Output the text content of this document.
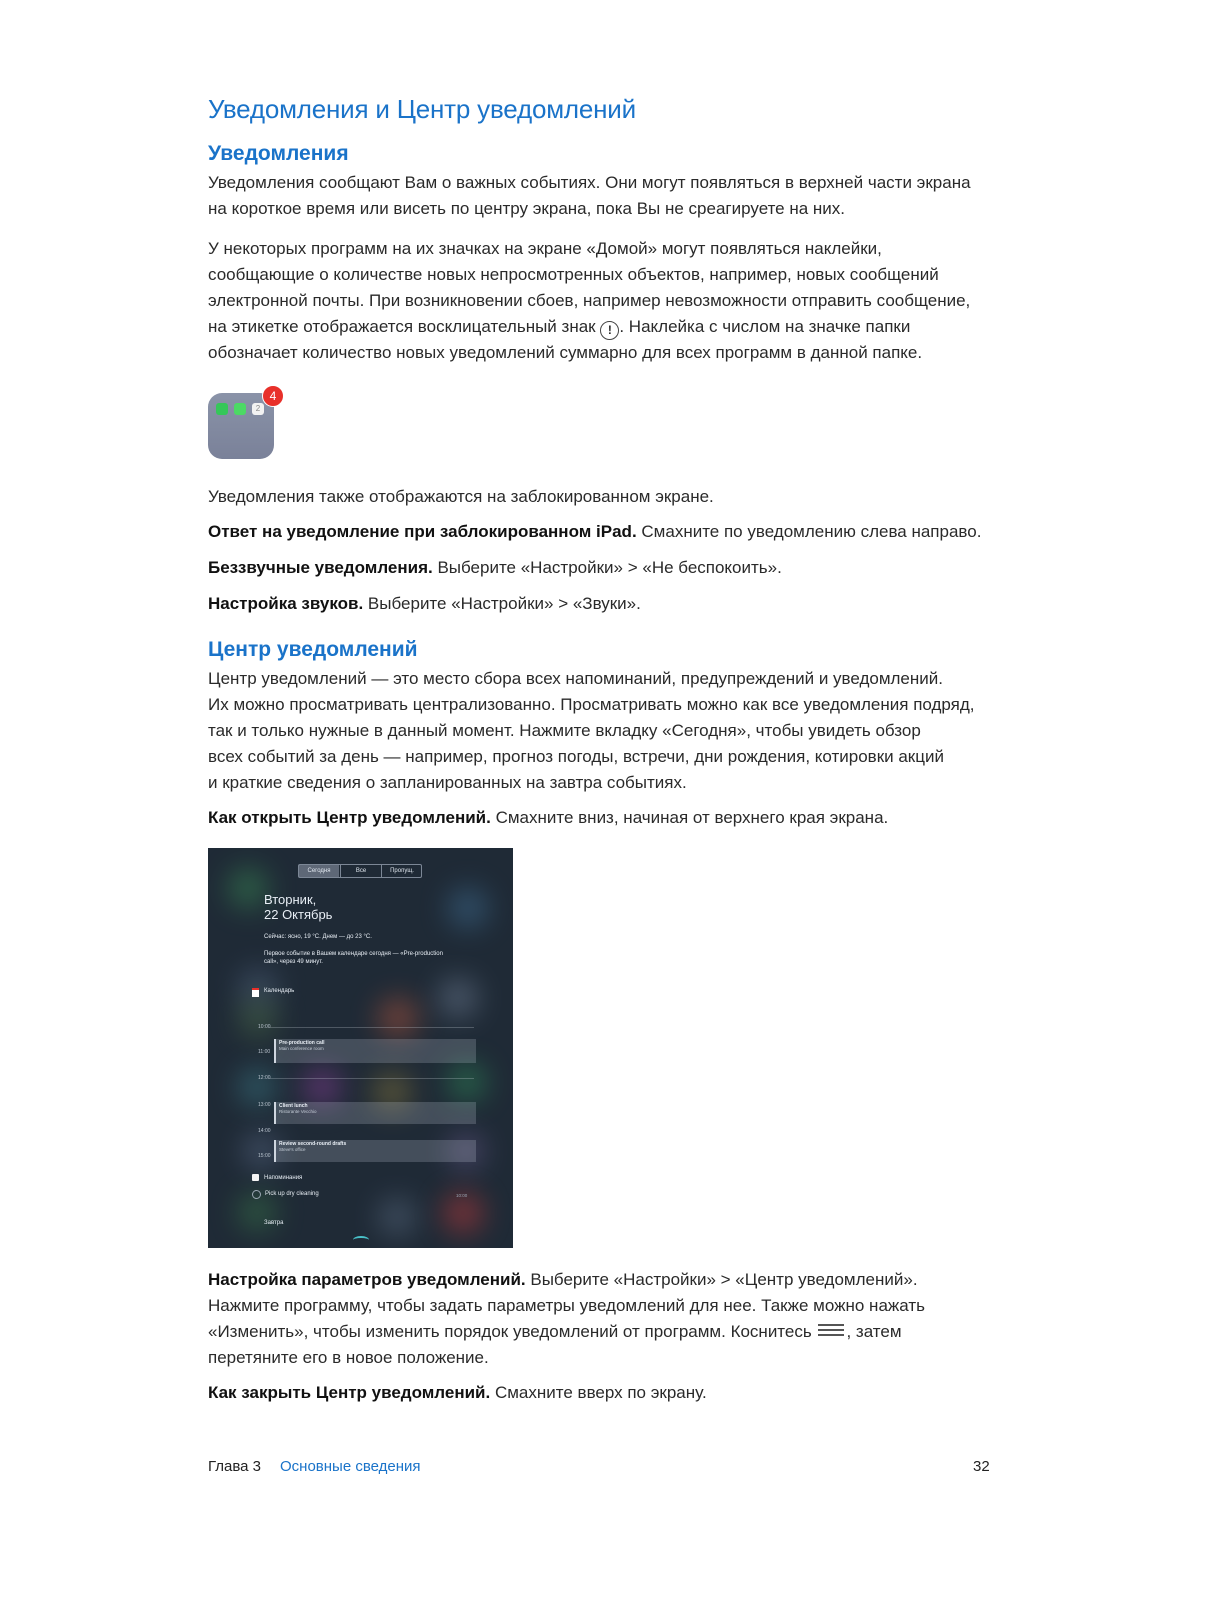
Уведомления и Центр уведомлений
Уведомления
Уведомления сообщают Вам о важных событиях. Они могут появляться в верхней части экрана
на короткое время или висеть по центру экрана, пока Вы не среагируете на них.
У некоторых программ на их значках на экране «Домой» могут появляться наклейки,
сообщающие о количестве новых непросмотренных объектов, например, новых сообщений
электронной почты. При возникновении сбоев, например невозможности отправить сообщение,
на этикетке отображается восклицательный знак ! . Наклейка с числом на значке папки
обозначает количество новых уведомлений суммарно для всех программ в данной папке.
2
4
Уведомления также отображаются на заблокированном экране.
Ответ на уведомление при заблокированном iPad. Смахните по уведомлению слева направо.
Беззвучные уведомления. Выберите «Настройки» > «Не беспокоить».
Настройка звуков. Выберите «Настройки» > «Звуки».
Центр уведомлений
Центр уведомлений — это место сбора всех напоминаний, предупреждений и уведомлений.
Их можно просматривать централизованно. Просматривать можно как все уведомления подряд,
так и только нужные в данный момент. Нажмите вкладку «Сегодня», чтобы увидеть обзор
всех событий за день — например, прогноз погоды, встречи, дни рождения, котировки акций
и краткие сведения о запланированных на завтра событиях.
Как открыть Центр уведомлений. Смахните вниз, начиная от верхнего края экрана.
Сегодня	Все	Пропущ.
Вторник,
22 Октябрь
Сейчас: ясно, 19 °C. Днем — до 23 °C.
Первое событие в Вашем календаре сегодня — «Pre-production
call», через 49 минут.
Календарь
10:00
11:00
12:00
13:00
14:00
15:00
Pre-production call
Main conference room
Client lunch
Ristorante Vecchio
Review second-round drafts
Steve's office
Напоминания
Pick up dry cleaning	10:00
Завтра
Настройка параметров уведомлений. Выберите «Настройки» > «Центр уведомлений».
Нажмите программу, чтобы задать параметры уведомлений для нее. Также можно нажать
«Изменить», чтобы изменить порядок уведомлений от программ. Коснитесь , затем
перетяните его в новое положение.
Как закрыть Центр уведомлений. Смахните вверх по экрану.
Глава 3 Основные сведения	32
